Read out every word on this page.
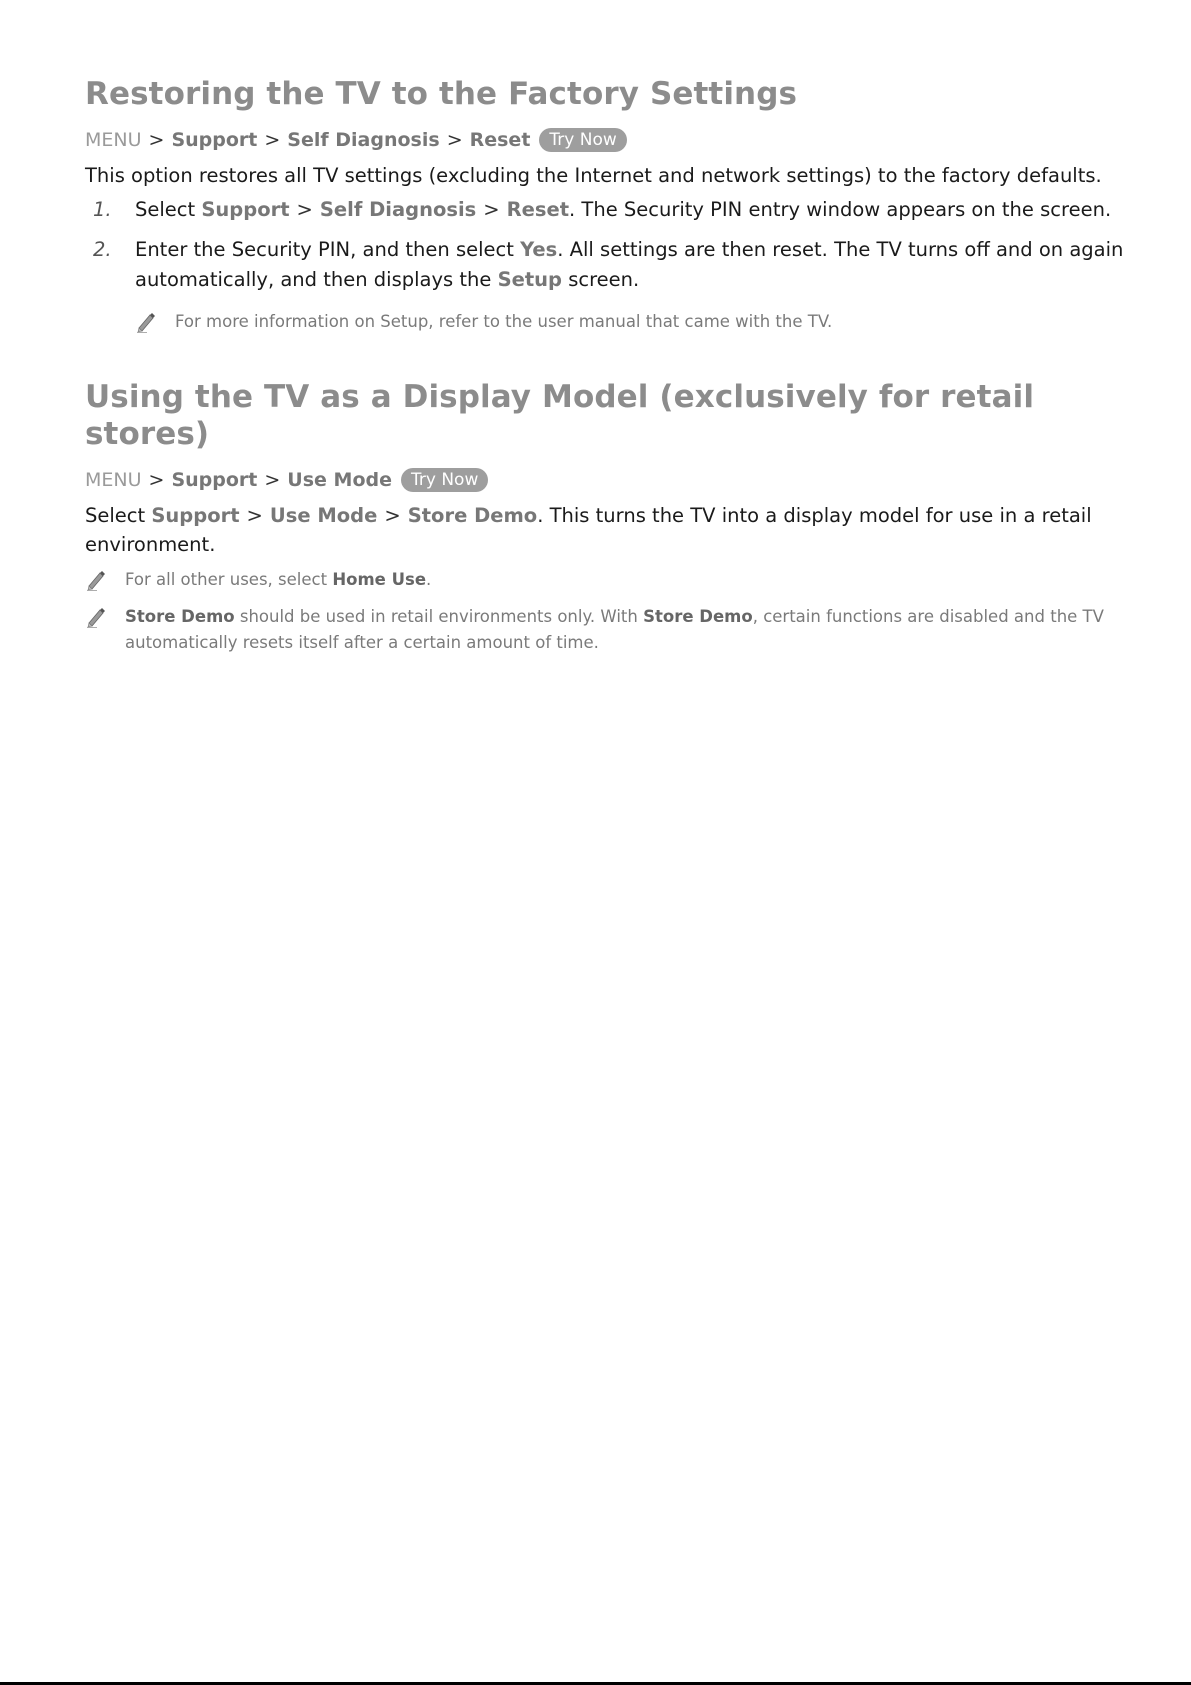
Restoring the TV to the Factory Settings
MENU > Support > Self Diagnosis > Reset	Try Now

This option restores all TV settings (excluding the Internet and network settings) to the factory defaults.

1.	Select Support > Self Diagnosis > Reset. The Security PIN entry window appears on the screen.
2.	Enter the Security PIN, and then select Yes. All settings are then reset. The TV turns off and on again automatically, and then displays the Setup screen.
For more information on Setup, refer to the user manual that came with the TV.
Using the TV as a Display Model (exclusively for retail stores)
MENU > Support > Use Mode	Try Now

Select Support > Use Mode > Store Demo. This turns the TV into a display model for use in a retail environment.

For all other uses, select Home Use.
Store Demo should be used in retail environments only. With Store Demo, certain functions are disabled and the TV automatically resets itself after a certain amount of time.
